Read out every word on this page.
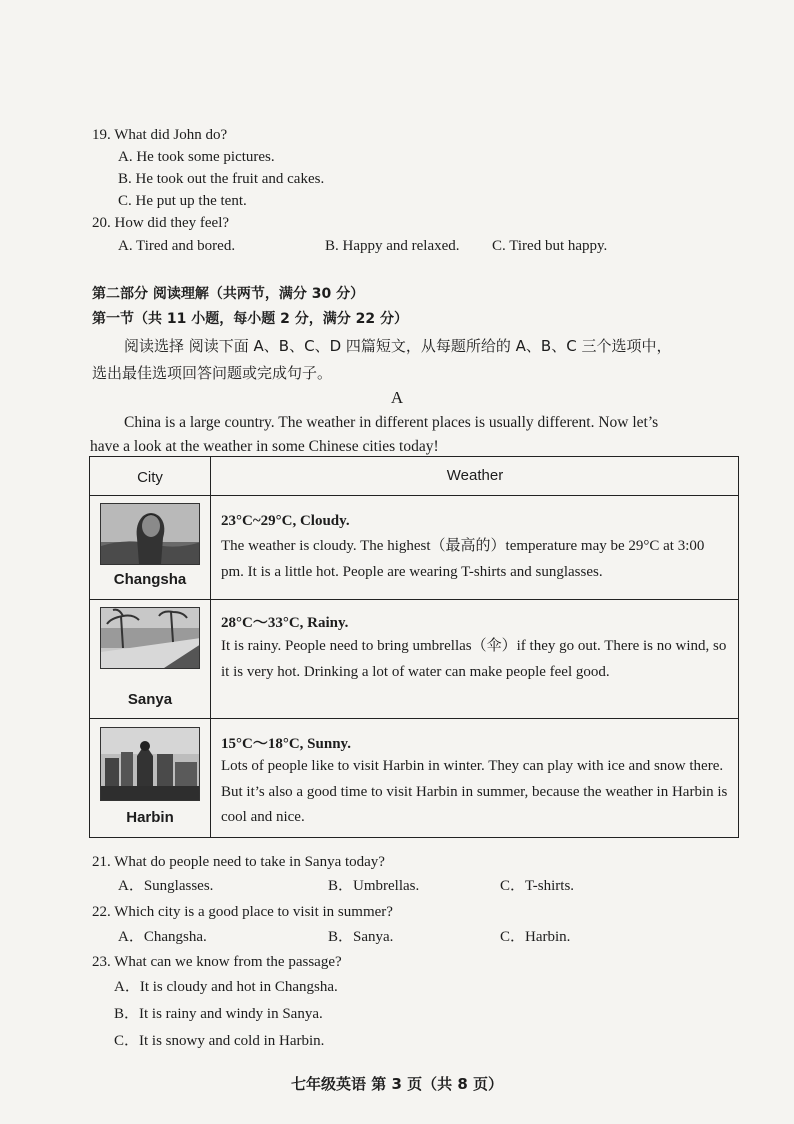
19. What did John do?
A. He took some pictures.
B. He took out the fruit and cakes.
C. He put up the tent.
20. How did they feel?
A. Tired and bored.	B. Happy and relaxed. C. Tired but happy.
第二部分 阅读理解（共两节，满分 30 分）
第一节（共 11 小题，每小题 2 分，满分 22 分）
阅读选择 阅读下面 A、B、C、D 四篇短文，从每题所给的 A、B、C 三个选项中，
选出最佳选项回答问题或完成句子。
A
China is a large country. The weather in different places is usually different. Now let’s
have a look at the weather in some Chinese cities today!
City	Weather
Changsha
23°C~29°C, Cloudy.
The weather is cloudy. The highest（最高的）temperature may be 29°C at 3:00 pm. It is a little hot. People are wearing T-shirts and sunglasses.
Sanya
28°C～33°C, Rainy.
It is rainy. People need to bring umbrellas（伞）if they go out. There is no wind, so it is very hot. Drinking a lot of water can make people feel good.
Harbin
15°C～18°C, Sunny.
Lots of people like to visit Harbin in winter. They can play with ice and snow there. But it’s also a good time to visit Harbin in summer, because the weather in Harbin is cool and nice.
21. What do people need to take in Sanya today?
A．Sunglasses.	B．Umbrellas.	C．T-shirts.
22. Which city is a good place to visit in summer?
A．Changsha.	B．Sanya.	C．Harbin.
23. What can we know from the passage?
A．It is cloudy and hot in Changsha.
B．It is rainy and windy in Sanya.
C．It is snowy and cold in Harbin.
七年级英语 第 3 页（共 8 页）
